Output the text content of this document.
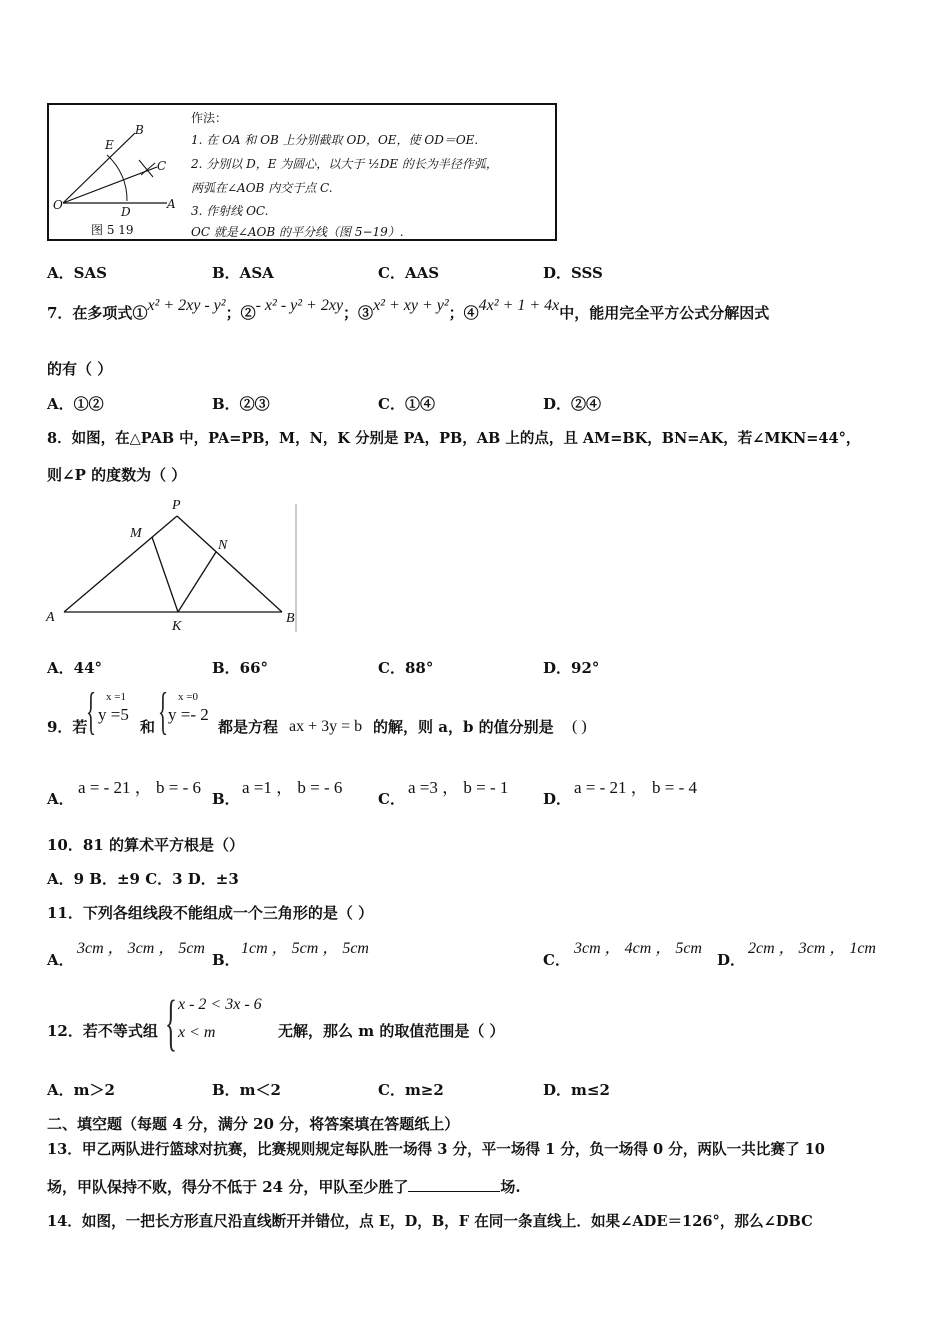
O	A
B
E
D
C
图 5 19
作法：
1. 在 OA 和 OB 上分别截取 OD，OE，使 OD＝OE.
2. 分别以 D，E 为圆心，以大于 ½DE 的长为半径作弧，
两弧在∠AOB 内交于点 C.
3. 作射线 OC.
OC 就是∠AOB 的平分线（图 5−19）.
A．SAS	B．ASA	C．AAS	D．SSS
7．在多项式①x² + 2xy - y²；②- x² - y² + 2xy；③x² + xy + y²；④4x² + 1 + 4x中，能用完全平方公式分解因式
的有（ ）
A．①②	B．②③	C．①④	D．②④
8．如图，在△PAB 中，PA=PB，M，N，K 分别是 PA，PB，AB 上的点，且 AM=BK，BN=AK，若∠MKN=44°，
则∠P 的度数为（ ）
P
M
N
A
K
B
A．44°	B．66°	C．88°	D．92°
9．若
{ x =1
y =5
和 { x =0
y =- 2
都是方程 ax + 3y = b 的解，则 a，b 的值分别是 ( )
A．
a = - 21 ， b = - 6
B．
a =1 ， b = - 6
C．
a =3 ， b = - 1
D．
a = - 21 ， b = - 4
10．81 的算术平方根是（）
A．9 B．±9 C．3 D．±3
11．下列各组线段不能组成一个三角形的是（ ）
A．
3cm ， 3cm ， 5cm
B．
1cm ， 5cm ， 5cm
C．
3cm ， 4cm ， 5cm
D．
2cm ， 3cm ， 1cm
12．若不等式组 { x - 2 < 3x - 6
x < m	无解，那么 m 的取值范围是（ ）
A．m＞2	B．m＜2	C．m≥2	D．m≤2
二、填空题（每题 4 分，满分 20 分，将答案填在答题纸上）
13．甲乙两队进行篮球对抗赛，比赛规则规定每队胜一场得 3 分，平一场得 1 分，负一场得 0 分，两队一共比赛了 10
场，甲队保持不败，得分不低于 24 分，甲队至少胜了	场.
14．如图，一把长方形直尺沿直线断开并错位，点 E，D，B，F 在同一条直线上．如果∠ADE＝126°，那么∠DBC
